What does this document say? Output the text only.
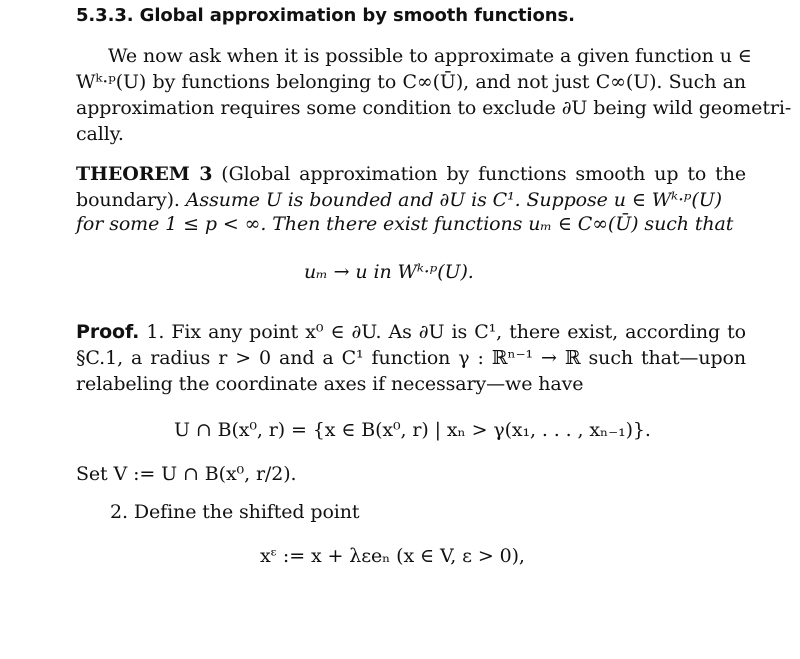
5.3.3. Global approximation by smooth functions.
We now ask when it is possible to approximate a given function u ∈
Wᵏ·ᵖ(U) by functions belonging to C∞(Ū), and not just C∞(U). Such an
approximation requires some condition to exclude ∂U being wild geometri-
cally.
THEOREM 3 (Global approximation by functions smooth up to the
boundary). Assume U is bounded and ∂U is C¹. Suppose u ∈ Wᵏ·ᵖ(U)
for some 1 ≤ p < ∞. Then there exist functions uₘ ∈ C∞(Ū) such that
uₘ → u in Wᵏ·ᵖ(U).
Proof. 1. Fix any point x⁰ ∈ ∂U. As ∂U is C¹, there exist, according to
§C.1, a radius r > 0 and a C¹ function γ : ℝⁿ⁻¹ → ℝ such that—upon
relabeling the coordinate axes if necessary—we have
U ∩ B(x⁰, r) = {x ∈ B(x⁰, r) | xₙ > γ(x₁, . . . , xₙ₋₁)}.
Set V := U ∩ B(x⁰, r/2).
2. Define the shifted point
xᵋ := x + λεeₙ (x ∈ V, ε > 0),
